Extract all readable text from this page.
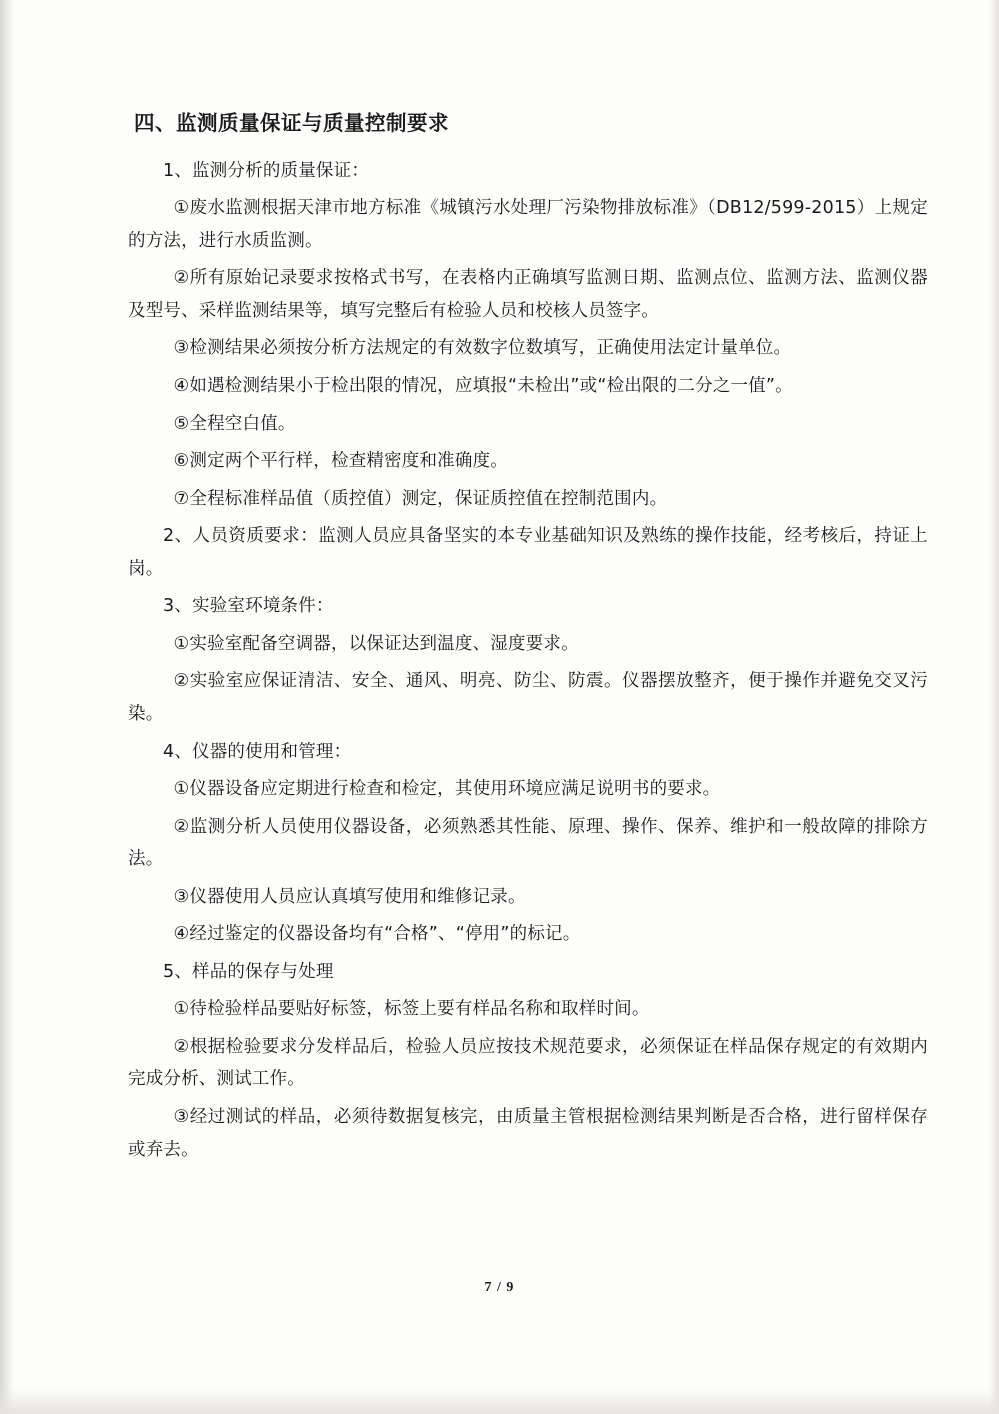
四、监测质量保证与质量控制要求

1、监测分析的质量保证：

①废水监测根据天津市地方标准《城镇污水处理厂污染物排放标准》（DB12/599-2015）上规定的方法，进行水质监测。

②所有原始记录要求按格式书写，在表格内正确填写监测日期、监测点位、监测方法、监测仪器及型号、采样监测结果等，填写完整后有检验人员和校核人员签字。

③检测结果必须按分析方法规定的有效数字位数填写，正确使用法定计量单位。

④如遇检测结果小于检出限的情况，应填报“未检出”或“检出限的二分之一值”。

⑤全程空白值。

⑥测定两个平行样，检查精密度和准确度。

⑦全程标准样品值（质控值）测定，保证质控值在控制范围内。

2、人员资质要求：监测人员应具备坚实的本专业基础知识及熟练的操作技能，经考核后，持证上岗。

3、实验室环境条件：

①实验室配备空调器，以保证达到温度、湿度要求。

②实验室应保证清洁、安全、通风、明亮、防尘、防震。仪器摆放整齐，便于操作并避免交叉污染。

4、仪器的使用和管理：

①仪器设备应定期进行检查和检定，其使用环境应满足说明书的要求。

②监测分析人员使用仪器设备，必须熟悉其性能、原理、操作、保养、维护和一般故障的排除方法。

③仪器使用人员应认真填写使用和维修记录。

④经过鉴定的仪器设备均有“合格”、“停用”的标记。

5、样品的保存与处理

①待检验样品要贴好标签，标签上要有样品名称和取样时间。

②根据检验要求分发样品后，检验人员应按技术规范要求，必须保证在样品保存规定的有效期内完成分析、测试工作。

③经过测试的样品，必须待数据复核完，由质量主管根据检测结果判断是否合格，进行留样保存或弃去。

7 / 9
